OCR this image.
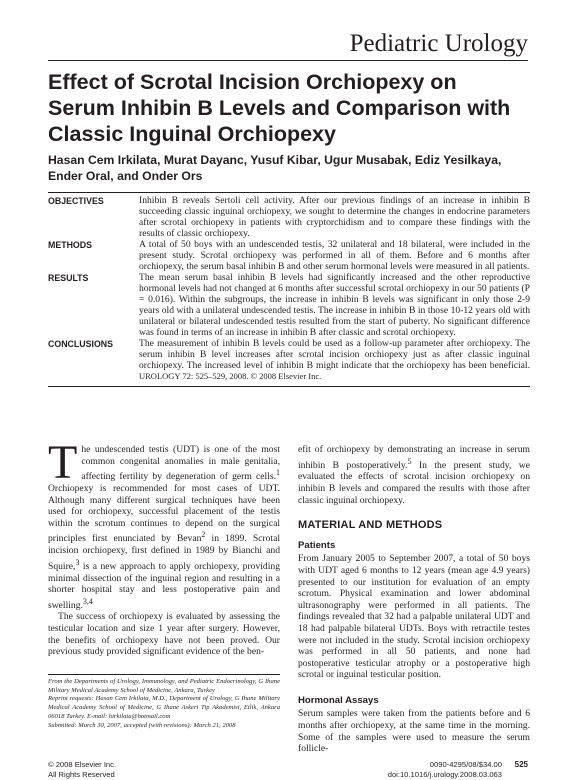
Pediatric Urology
Effect of Scrotal Incision Orchiopexy on Serum Inhibin B Levels and Comparison with Classic Inguinal Orchiopexy
Hasan Cem Irkilata, Murat Dayanc, Yusuf Kibar, Ugur Musabak, Ediz Yesilkaya, Ender Oral, and Onder Ors
OBJECTIVES	Inhibin B reveals Sertoli cell activity. After our previous findings of an increase in inhibin B succeeding classic inguinal orchiopexy, we sought to determine the changes in endocrine parameters after scrotal orchiopexy in patients with cryptorchidism and to compare these findings with the results of classic orchiopexy.
METHODS	A total of 50 boys with an undescended testis, 32 unilateral and 18 bilateral, were included in the present study. Scrotal orchiopexy was performed in all of them. Before and 6 months after orchiopexy, the serum basal inhibin B and other serum hormonal levels were measured in all patients.
RESULTS	The mean serum basal inhibin B levels had significantly increased and the other reproductive hormonal levels had not changed at 6 months after successful scrotal orchiopexy in our 50 patients (P = 0.016). Within the subgroups, the increase in inhibin B levels was significant in only those 2-9 years old with a unilateral undescended testis. The increase in inhibin B in those 10-12 years old with unilateral or bilateral undescended testis resulted from the start of puberty. No significant difference was found in terms of an increase in inhibin B after classic and scrotal orchiopexy.
CONCLUSIONS	The measurement of inhibin B levels could be used as a follow-up parameter after orchiopexy. The serum inhibin B level increases after scrotal incision orchiopexy just as after classic inguinal orchiopexy. The increased level of inhibin B might indicate that the orchiopexy has been beneficial. UROLOGY 72: 525–529, 2008. © 2008 Elsevier Inc.

The undescended testis (UDT) is one of the most common congenital anomalies in male genitalia, affecting fertility by degeneration of germ cells.$^1$ Orchiopexy is recommended for most cases of UDT. Although many different surgical techniques have been used for orchiopexy, successful placement of the testis within the scrotum continues to depend on the surgical principles first enunciated by Bevan$^2$ in 1899. Scrotal incision orchiopexy, first defined in 1989 by Bianchi and Squire,$^3$ is a new approach to apply orchiopexy, providing minimal dissection of the inguinal region and resulting in a shorter hospital stay and less postoperative pain and swelling.$^{3,4}$

The success of orchiopexy is evaluated by assessing the testicular location and size 1 year after surgery. However, the benefits of orchiopexy have not been proved. Our previous study provided significant evidence of the ben-

efit of orchiopexy by demonstrating an increase in serum inhibin B postoperatively.$^5$ In the present study, we evaluated the effects of scrotal incision orchiopexy on inhibin B levels and compared the results with those after classic inguinal orchiopexy.

MATERIAL AND METHODS
Patients

From January 2005 to September 2007, a total of 50 boys with UDT aged 6 months to 12 years (mean age 4.9 years) presented to our institution for evaluation of an empty scrotum. Physical examination and lower abdominal ultrasonography were performed in all patients. The findings revealed that 32 had a palpable unilateral UDT and 18 had palpable bilateral UDTs. Boys with retractile testes were not included in the study. Scrotal incision orchiopexy was performed in all 50 patients, and none had postoperative testicular atrophy or a postoperative high scrotal or inguinal testicular position.

Hormonal Assays

Serum samples were taken from the patients before and 6 months after orchiopexy, at the same time in the morning. Some of the samples were used to measure the serum follicle-

From the Departments of Urology, Immunology, and Pediatric Endocrinology, G Ihane Military Medical Academy School of Medicine, Ankara, Turkey

Reprint requests: Hasan Cem Irkilata, M.D., Department of Urology, G Ihane Military Medical Academy School of Medicine, G Ihane Askeri Tip Akademisi, Etlik, Ankara 06018 Turkey. E-mail: hirkilata@hotmail.com

Submitted: March 30, 2007, accepted (with revisions): March 21, 2008

© 2008 Elsevier Inc.
All Rights Reserved
0090-4295/08/$34.00
doi:10.1016/j.urology.2008.03.063
525
